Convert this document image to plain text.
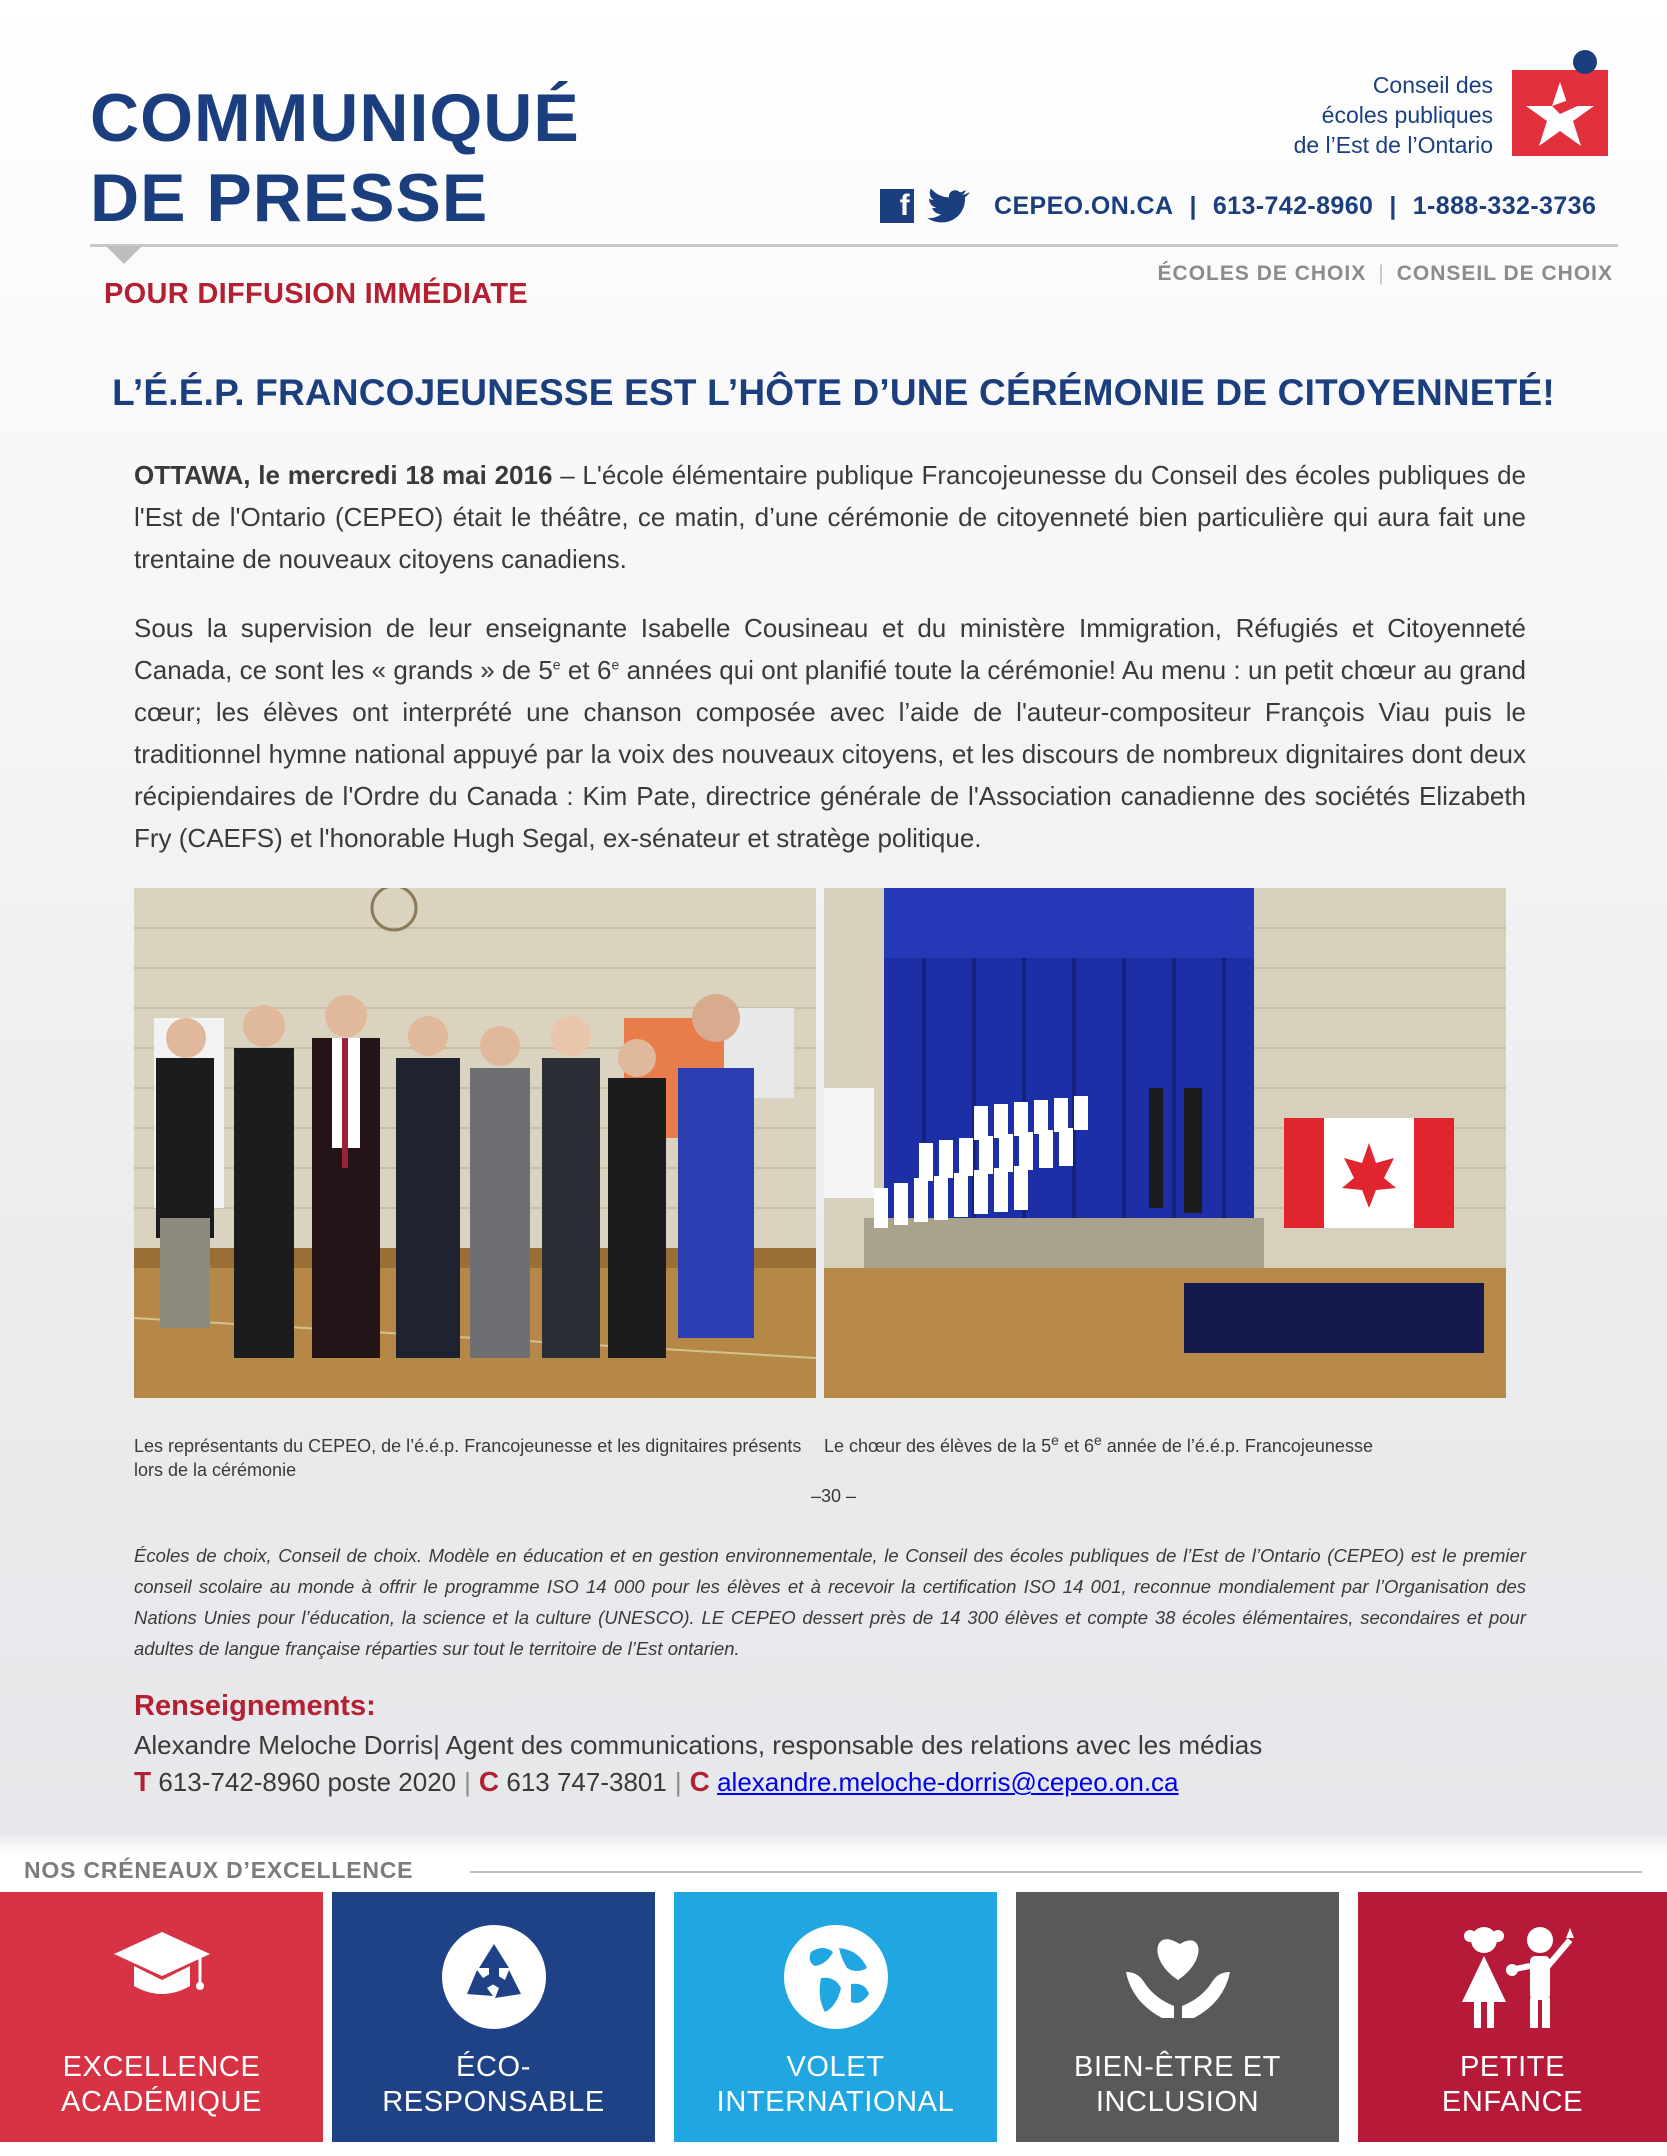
COMMUNIQUÉ
DE PRESSE
POUR DIFFUSION IMMÉDIATE
Conseil des
écoles publiques
de l’Est de l’Ontario
f	CEPEO.ON.CA | 613-742-8960 | 1-888-332-3736
ÉCOLES DE CHOIX | CONSEIL DE CHOIX
L’É.É.P. FRANCOJEUNESSE EST L’HÔTE D’UNE CÉRÉMONIE DE CITOYENNETÉ!
OTTAWA, le mercredi 18 mai 2016 – L'école élémentaire publique Francojeunesse du Conseil des écoles publiques de l'Est de l'Ontario (CEPEO) était le théâtre, ce matin, d’une cérémonie de citoyenneté bien particulière qui aura fait une trentaine de nouveaux citoyens canadiens.
Sous la supervision de leur enseignante Isabelle Cousineau et du ministère Immigration, Réfugiés et Citoyenneté Canada, ce sont les « grands » de 5e et 6e années qui ont planifié toute la cérémonie! Au menu : un petit chœur au grand cœur; les élèves ont interprété une chanson composée avec l’aide de l'auteur-compositeur François Viau puis le traditionnel hymne national appuyé par la voix des nouveaux citoyens, et les discours de nombreux dignitaires dont deux récipiendaires de l'Ordre du Canada : Kim Pate, directrice générale de l'Association canadienne des sociétés Elizabeth Fry (CAEFS) et l'honorable Hugh Segal, ex-sénateur et stratège politique.
Les représentants du CEPEO, de l’é.é.p. Francojeunesse et les dignitaires présents lors de la cérémonie
Le chœur des élèves de la 5e et 6e année de l’é.é.p. Francojeunesse
–30 –
Écoles de choix, Conseil de choix. Modèle en éducation et en gestion environnementale, le Conseil des écoles publiques de l’Est de l’Ontario (CEPEO) est le premier conseil scolaire au monde à offrir le programme ISO 14 000 pour les élèves et à recevoir la certification ISO 14 001, reconnue mondialement par l’Organisation des Nations Unies pour l’éducation, la science et la culture (UNESCO). LE CEPEO dessert près de 14 300 élèves et compte 38 écoles élémentaires, secondaires et pour adultes de langue française réparties sur tout le territoire de l’Est ontarien.
Renseignements:
Alexandre Meloche Dorris| Agent des communications, responsable des relations avec les médias
T 613-742-8960 poste 2020 | C 613 747-3801 | C alexandre.meloche-dorris@cepeo.on.ca
NOS CRÉNEAUX D’EXCELLENCE
EXCELLENCE
ACADÉMIQUE
ÉCO-
RESPONSABLE
VOLET
INTERNATIONAL
BIEN-ÊTRE ET
INCLUSION
PETITE
ENFANCE
